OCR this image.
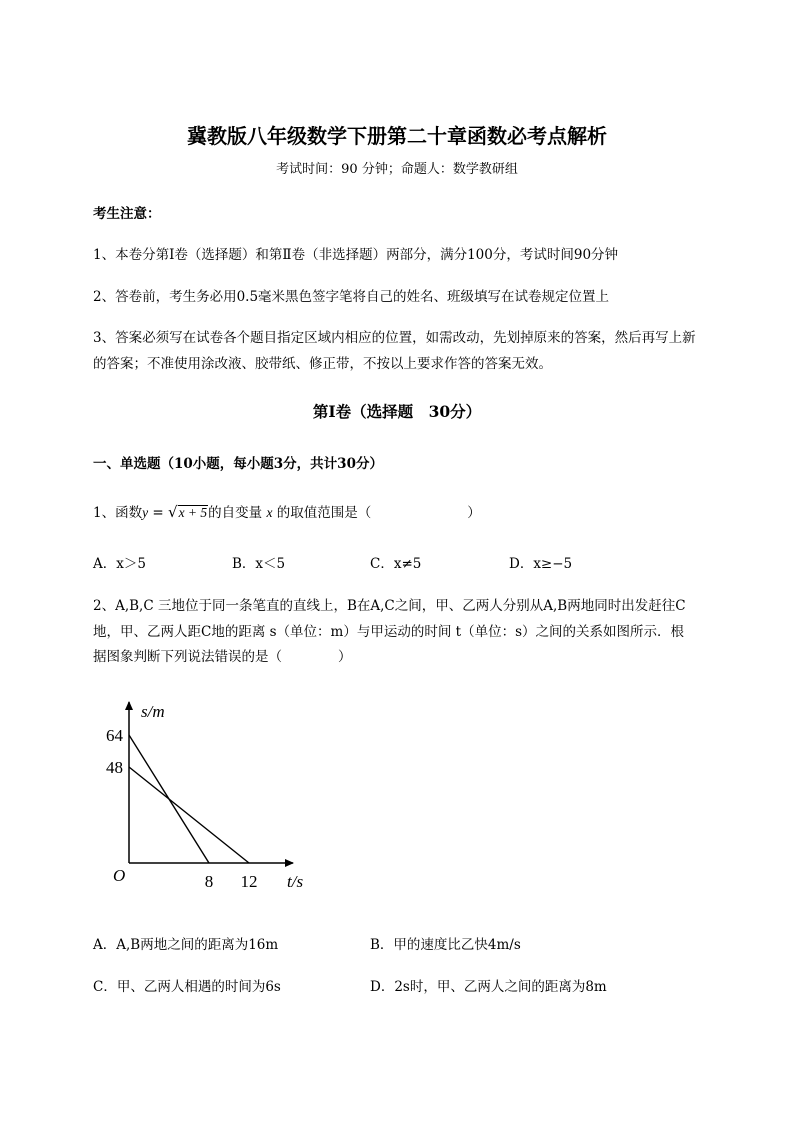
冀教版八年级数学下册第二十章函数必考点解析
考试时间：90 分钟；命题人：数学教研组
考生注意：
1、本卷分第I卷（选择题）和第Ⅱ卷（非选择题）两部分，满分100分，考试时间90分钟
2、答卷前，考生务必用0.5毫米黑色签字笔将自己的姓名、班级填写在试卷规定位置上
3、答案必须写在试卷各个题目指定区域内相应的位置，如需改动，先划掉原来的答案，然后再写上新
的答案；不准使用涂改液、胶带纸、修正带，不按以上要求作答的答案无效。
第I卷（选择题　30分）
一、单选题（10小题，每小题3分，共计30分）
1、函数y = √x + 5的自变量 x 的取值范围是（	）
A．x＞5	B．x＜5	C．x≠5	D．x≥−5
2、A,B,C 三地位于同一条笔直的直线上，B在A,C之间，甲、乙两人分别从A,B两地同时出发赶往C
地，甲、乙两人距C地的距离 s（单位：m）与甲运动的时间 t（单位：s）之间的关系如图所示．根
据图象判断下列说法错误的是（	）
s/m
t/s
O	8 12
64
48
A．A,B两地之间的距离为16m	B．甲的速度比乙快4m/s
C．甲、乙两人相遇的时间为6s	D．2s时，甲、乙两人之间的距离为8m
